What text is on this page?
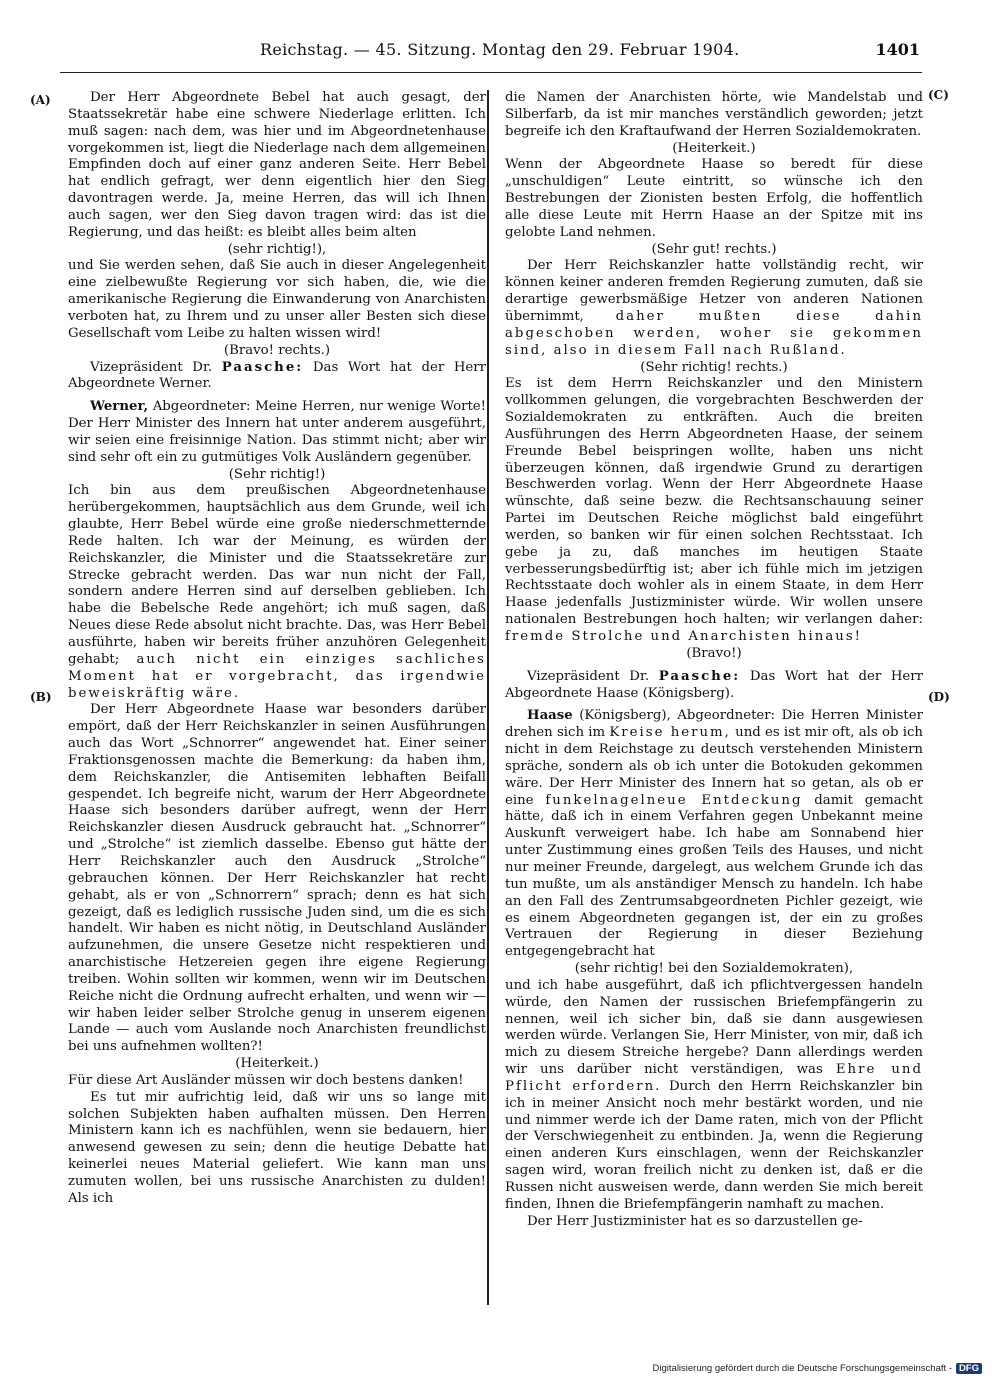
Reichstag. — 45. Sitzung. Montag den 29. Februar 1904.	1401
(A)
(B)
(C)
(D)

Der Herr Abgeordnete Bebel hat auch gesagt, der Staatssekretär habe eine schwere Niederlage erlitten. Ich muß sagen: nach dem, was hier und im Abgeordnetenhause vorgekommen ist, liegt die Niederlage nach dem allgemeinen Empfinden doch auf einer ganz anderen Seite. Herr Bebel hat endlich gefragt, wer denn eigentlich hier den Sieg davontragen werde. Ja, meine Herren, das will ich Ihnen auch sagen, wer den Sieg davon tragen wird: das ist die Regierung, und das heißt: es bleibt alles beim alten

(sehr richtig!),

und Sie werden sehen, daß Sie auch in dieser Angelegenheit eine zielbewußte Regierung vor sich haben, die, wie die amerikanische Regierung die Einwanderung von Anarchisten verboten hat, zu Ihrem und zu unser aller Besten sich diese Gesellschaft vom Leibe zu halten wissen wird!

(Bravo! rechts.)

Vizepräsident Dr. Paasche: Das Wort hat der Herr Abgeordnete Werner.

Werner, Abgeordneter: Meine Herren, nur wenige Worte! Der Herr Minister des Innern hat unter anderem ausgeführt, wir seien eine freisinnige Nation. Das stimmt nicht; aber wir sind sehr oft ein zu gutmütiges Volk Ausländern gegenüber.

(Sehr richtig!)

Ich bin aus dem preußischen Abgeordnetenhause herübergekommen, hauptsächlich aus dem Grunde, weil ich glaubte, Herr Bebel würde eine große niederschmetternde Rede halten. Ich war der Meinung, es würden der Reichskanzler, die Minister und die Staatssekretäre zur Strecke gebracht werden. Das war nun nicht der Fall, sondern andere Herren sind auf derselben geblieben. Ich habe die Bebelsche Rede angehört; ich muß sagen, daß Neues diese Rede absolut nicht brachte. Das, was Herr Bebel ausführte, haben wir bereits früher anzuhören Gelegenheit gehabt; auch nicht ein einziges sachliches Moment hat er vorgebracht, das irgendwie beweiskräftig wäre.

Der Herr Abgeordnete Haase war besonders darüber empört, daß der Herr Reichskanzler in seinen Ausführungen auch das Wort „Schnorrer“ angewendet hat. Einer seiner Fraktionsgenossen machte die Bemerkung: da haben ihm, dem Reichskanzler, die Antisemiten lebhaften Beifall gespendet. Ich begreife nicht, warum der Herr Abgeordnete Haase sich besonders darüber aufregt, wenn der Herr Reichskanzler diesen Ausdruck gebraucht hat. „Schnorrer“ und „Strolche“ ist ziemlich dasselbe. Ebenso gut hätte der Herr Reichskanzler auch den Ausdruck „Strolche“ gebrauchen können. Der Herr Reichskanzler hat recht gehabt, als er von „Schnorrern“ sprach; denn es hat sich gezeigt, daß es lediglich russische Juden sind, um die es sich handelt. Wir haben es nicht nötig, in Deutschland Ausländer aufzunehmen, die unsere Gesetze nicht respektieren und anarchistische Hetzereien gegen ihre eigene Regierung treiben. Wohin sollten wir kommen, wenn wir im Deutschen Reiche nicht die Ordnung aufrecht erhalten, und wenn wir — wir haben leider selber Strolche genug in unserem eigenen Lande — auch vom Auslande noch Anarchisten freundlichst bei uns aufnehmen wollten?!

(Heiterkeit.)

Für diese Art Ausländer müssen wir doch bestens danken!

Es tut mir aufrichtig leid, daß wir uns so lange mit solchen Subjekten haben aufhalten müssen. Den Herren Ministern kann ich es nachfühlen, wenn sie bedauern, hier anwesend gewesen zu sein; denn die heutige Debatte hat keinerlei neues Material geliefert. Wie kann man uns zumuten wollen, bei uns russische Anarchisten zu dulden! Als ich

die Namen der Anarchisten hörte, wie Mandelstab und Silberfarb, da ist mir manches verständlich geworden; jetzt begreife ich den Kraftaufwand der Herren Sozialdemokraten.

(Heiterkeit.)

Wenn der Abgeordnete Haase so beredt für diese „unschuldigen“ Leute eintritt, so wünsche ich den Bestrebungen der Zionisten besten Erfolg, die hoffentlich alle diese Leute mit Herrn Haase an der Spitze mit ins gelobte Land nehmen.

(Sehr gut! rechts.)

Der Herr Reichskanzler hatte vollständig recht, wir können keiner anderen fremden Regierung zumuten, daß sie derartige gewerbsmäßige Hetzer von anderen Nationen übernimmt, daher mußten diese dahin abgeschoben werden, woher sie gekommen sind, also in diesem Fall nach Rußland.

(Sehr richtig! rechts.)

Es ist dem Herrn Reichskanzler und den Ministern vollkommen gelungen, die vorgebrachten Beschwerden der Sozialdemokraten zu entkräften. Auch die breiten Ausführungen des Herrn Abgeordneten Haase, der seinem Freunde Bebel beispringen wollte, haben uns nicht überzeugen können, daß irgendwie Grund zu derartigen Beschwerden vorlag. Wenn der Herr Abgeordnete Haase wünschte, daß seine bezw. die Rechtsanschauung seiner Partei im Deutschen Reiche möglichst bald eingeführt werden, so banken wir für einen solchen Rechtsstaat. Ich gebe ja zu, daß manches im heutigen Staate verbesserungsbedürftig ist; aber ich fühle mich im jetzigen Rechtsstaate doch wohler als in einem Staate, in dem Herr Haase jedenfalls Justizminister würde. Wir wollen unsere nationalen Bestrebungen hoch halten; wir verlangen daher: fremde Strolche und Anarchisten hinaus!

(Bravo!)

Vizepräsident Dr. Paasche: Das Wort hat der Herr Abgeordnete Haase (Königsberg).

Haase (Königsberg), Abgeordneter: Die Herren Minister drehen sich im Kreise herum, und es ist mir oft, als ob ich nicht in dem Reichstage zu deutsch verstehenden Ministern spräche, sondern als ob ich unter die Botokuden gekommen wäre. Der Herr Minister des Innern hat so getan, als ob er eine funkelnagelneue Entdeckung damit gemacht hätte, daß ich in einem Verfahren gegen Unbekannt meine Auskunft verweigert habe. Ich habe am Sonnabend hier unter Zustimmung eines großen Teils des Hauses, und nicht nur meiner Freunde, dargelegt, aus welchem Grunde ich das tun mußte, um als anständiger Mensch zu handeln. Ich habe an den Fall des Zentrumsabgeordneten Pichler gezeigt, wie es einem Abgeordneten gegangen ist, der ein zu großes Vertrauen der Regierung in dieser Beziehung entgegengebracht hat

(sehr richtig! bei den Sozialdemokraten),

und ich habe ausgeführt, daß ich pflichtvergessen handeln würde, den Namen der russischen Briefempfängerin zu nennen, weil ich sicher bin, daß sie dann ausgewiesen werden würde. Verlangen Sie, Herr Minister, von mir, daß ich mich zu diesem Streiche hergebe? Dann allerdings werden wir uns darüber nicht verständigen, was Ehre und Pflicht erfordern. Durch den Herrn Reichskanzler bin ich in meiner Ansicht noch mehr bestärkt worden, und nie und nimmer werde ich der Dame raten, mich von der Pflicht der Verschwiegenheit zu entbinden. Ja, wenn die Regierung einen anderen Kurs einschlagen, wenn der Reichskanzler sagen wird, woran freilich nicht zu denken ist, daß er die Russen nicht ausweisen werde, dann werden Sie mich bereit finden, Ihnen die Briefempfängerin namhaft zu machen.

Der Herr Justizminister hat es so darzustellen ge-

Digitalisierung gefördert durch die Deutsche Forschungsgemeinschaft - DFG
